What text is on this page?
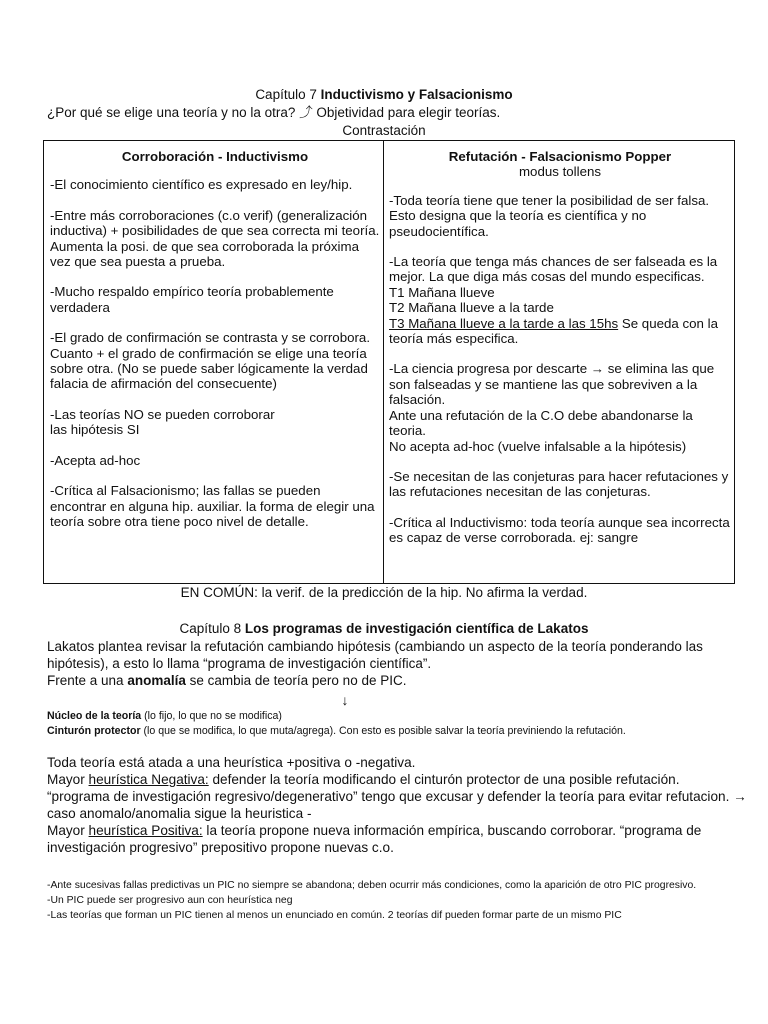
Capítulo 7 Inductivismo y Falsacionismo
¿Por qué se elige una teoría y no la otra? ⤴ Objetividad para elegir teorías.
Contrastación
Corroboración - Inductivismo

-El conocimiento científico es expresado en ley/hip.

-Entre más corroboraciones (c.o verif) (generalización inductiva) + posibilidades de que sea correcta mi teoría. Aumenta la posi. de que sea corroborada la próxima vez que sea puesta a prueba.

-Mucho respaldo empírico teoría probablemente verdadera

-El grado de confirmación se contrasta y se corrobora. Cuanto + el grado de confirmación se elige una teoría sobre otra. (No se puede saber lógicamente la verdad falacia de afirmación del consecuente)

-Las teorías NO se pueden corroborar

las hipótesis SI

-Acepta ad-hoc

-Crítica al Falsacionismo; las fallas se pueden encontrar en alguna hip. auxiliar. la forma de elegir una teoría sobre otra tiene poco nivel de detalle.

Refutación - Falsacionismo Popper
modus tollens

-Toda teoría tiene que tener la posibilidad de ser falsa. Esto designa que la teoría es científica y no pseudocientífica.

-La teoría que tenga más chances de ser falseada es la mejor. La que diga más cosas del mundo especificas.

T1 Mañana llueve

T2 Mañana llueve a la tarde

T3 Mañana llueve a la tarde a las 15hs Se queda con la teoría más especifica.

-La ciencia progresa por descarte → se elimina las que son falseadas y se mantiene las que sobreviven a la falsación.

Ante una refutación de la C.O debe abandonarse la teoria.

No acepta ad-hoc (vuelve infalsable a la hipótesis)

-Se necesitan de las conjeturas para hacer refutaciones y las refutaciones necesitan de las conjeturas.

-Crítica al Inductivismo: toda teoría aunque sea incorrecta es capaz de verse corroborada. ej: sangre

EN COMÚN: la verif. de la predicción de la hip. No afirma la verdad.
Capítulo 8 Los programas de investigación científica de Lakatos
Lakatos plantea revisar la refutación cambiando hipótesis (cambiando un aspecto de la teoría ponderando las hipótesis), a esto lo llama “programa de investigación científica”.
Frente a una anomalía se cambia de teoría pero no de PIC.
↓
Núcleo de la teoría (lo fijo, lo que no se modifica)
Cinturón protector (lo que se modifica, lo que muta/agrega). Con esto es posible salvar la teoría previniendo la refutación.
Toda teoría está atada a una heurística +positiva o -negativa.
Mayor heurística Negativa: defender la teoría modificando el cinturón protector de una posible refutación.
“programa de investigación regresivo/degenerativo” tengo que excusar y defender la teoría para evitar refutacion. → caso anomalo/anomalia sigue la heuristica -
Mayor heurística Positiva: la teoría propone nueva información empírica, buscando corroborar. “programa de investigación progresivo” prepositivo propone nuevas c.o.
-Ante sucesivas fallas predictivas un PIC no siempre se abandona; deben ocurrir más condiciones, como la aparición de otro PIC progresivo.
-Un PIC puede ser progresivo aun con heurística neg
-Las teorías que forman un PIC tienen al menos un enunciado en común. 2 teorías dif pueden formar parte de un mismo PIC
